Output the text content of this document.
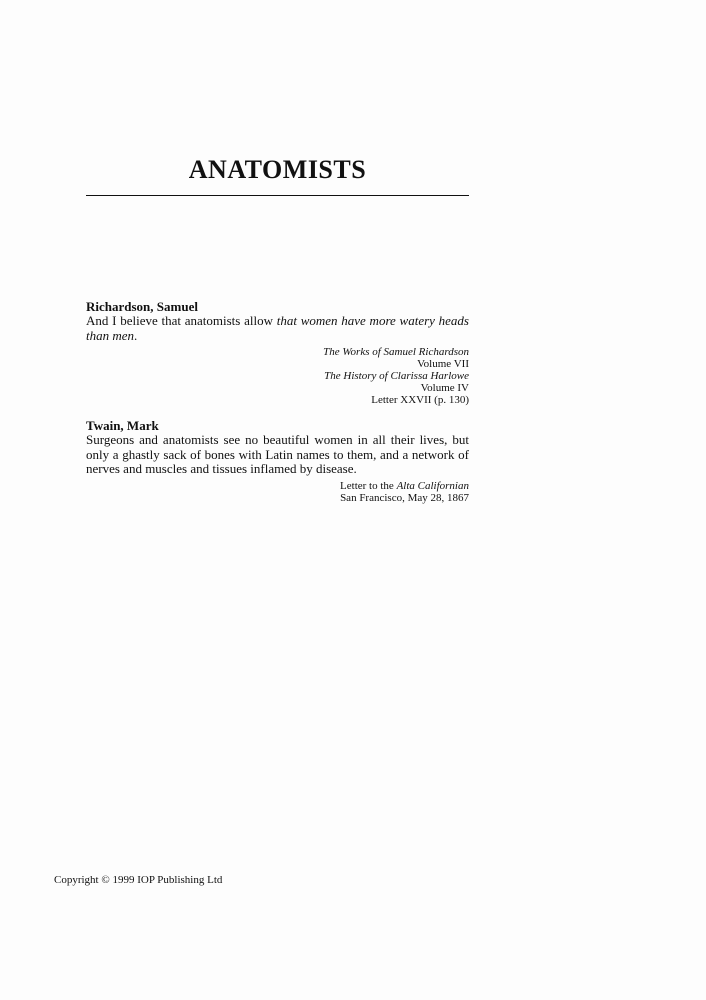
ANATOMISTS

Richardson, Samuel

And I believe that anatomists allow that women have more watery heads than men.

The Works of Samuel Richardson
Volume VII
The History of Clarissa Harlowe
Volume IV
Letter XXVII (p. 130)

Twain, Mark

Surgeons and anatomists see no beautiful women in all their lives, but only a ghastly sack of bones with Latin names to them, and a network of nerves and muscles and tissues inflamed by disease.

Letter to the Alta Californian
San Francisco, May 28, 1867

Copyright © 1999 IOP Publishing Ltd
